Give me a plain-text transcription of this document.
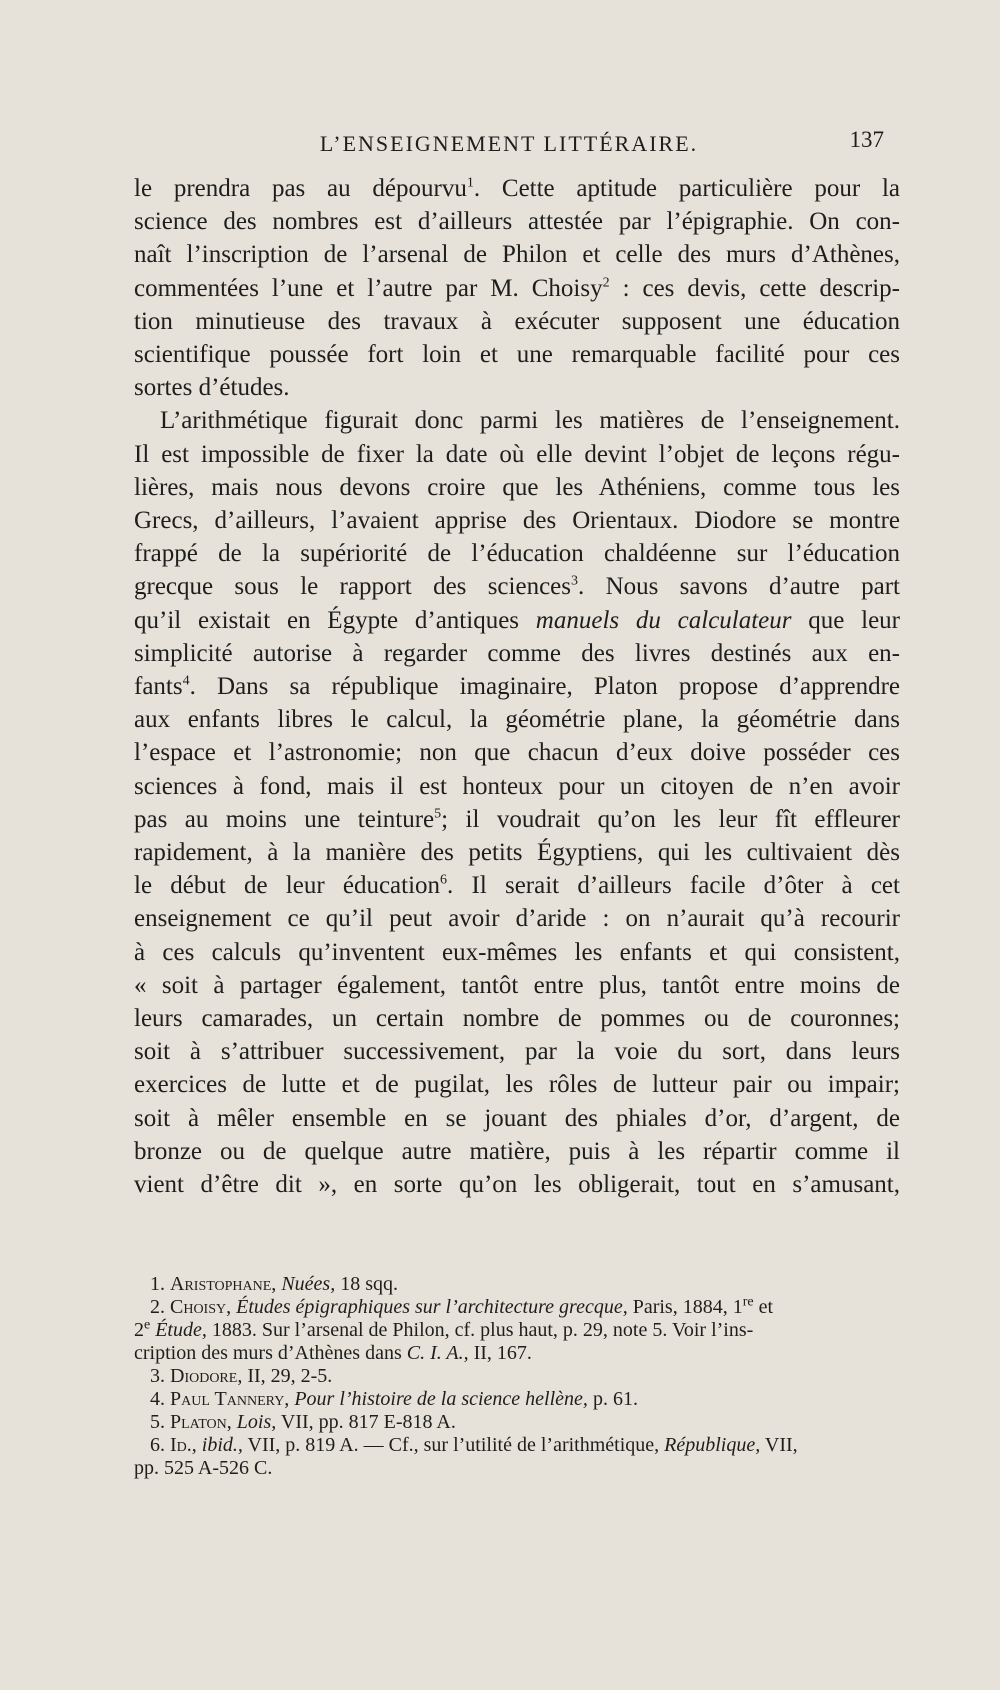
L’ENSEIGNEMENT LITTÉRAIRE.	137
le prendra pas au dépourvu$^1$. Cette aptitude particulière pour la
science des nombres est d’ailleurs attestée par l’épigraphie. On con-
naît l’inscription de l’arsenal de Philon et celle des murs d’Athènes,
commentées l’une et l’autre par M. Choisy$^2$ : ces devis, cette descrip-
tion minutieuse des travaux à exécuter supposent une éducation
scientifique poussée fort loin et une remarquable facilité pour ces
sortes d’études.
L’arithmétique figurait donc parmi les matières de l’enseignement.
Il est impossible de fixer la date où elle devint l’objet de leçons régu-
lières, mais nous devons croire que les Athéniens, comme tous les
Grecs, d’ailleurs, l’avaient apprise des Orientaux. Diodore se montre
frappé de la supériorité de l’éducation chaldéenne sur l’éducation
grecque sous le rapport des sciences$^3$. Nous savons d’autre part
qu’il existait en Égypte d’antiques manuels du calculateur que leur
simplicité autorise à regarder comme des livres destinés aux en-
fants$^4$. Dans sa république imaginaire, Platon propose d’apprendre
aux enfants libres le calcul, la géométrie plane, la géométrie dans
l’espace et l’astronomie; non que chacun d’eux doive posséder ces
sciences à fond, mais il est honteux pour un citoyen de n’en avoir
pas au moins une teinture$^5$; il voudrait qu’on les leur fît effleurer
rapidement, à la manière des petits Égyptiens, qui les cultivaient dès
le début de leur éducation$^6$. Il serait d’ailleurs facile d’ôter à cet
enseignement ce qu’il peut avoir d’aride : on n’aurait qu’à recourir
à ces calculs qu’inventent eux-mêmes les enfants et qui consistent,
« soit à partager également, tantôt entre plus, tantôt entre moins de
leurs camarades, un certain nombre de pommes ou de couronnes;
soit à s’attribuer successivement, par la voie du sort, dans leurs
exercices de lutte et de pugilat, les rôles de lutteur pair ou impair;
soit à mêler ensemble en se jouant des phiales d’or, d’argent, de
bronze ou de quelque autre matière, puis à les répartir comme il
vient d’être dit », en sorte qu’on les obligerait, tout en s’amusant,
1. Aristophane, Nuées, 18 sqq.
2. Choisy, Études épigraphiques sur l’architecture grecque, Paris, 1884, 1re et
2e Étude, 1883. Sur l’arsenal de Philon, cf. plus haut, p. 29, note 5. Voir l’ins-
cription des murs d’Athènes dans C. I. A., II, 167.
3. Diodore, II, 29, 2-5.
4. Paul Tannery, Pour l’histoire de la science hellène, p. 61.
5. Platon, Lois, VII, pp. 817 E-818 A.
6. Id., ibid., VII, p. 819 A. — Cf., sur l’utilité de l’arithmétique, République, VII,
pp. 525 A-526 C.
